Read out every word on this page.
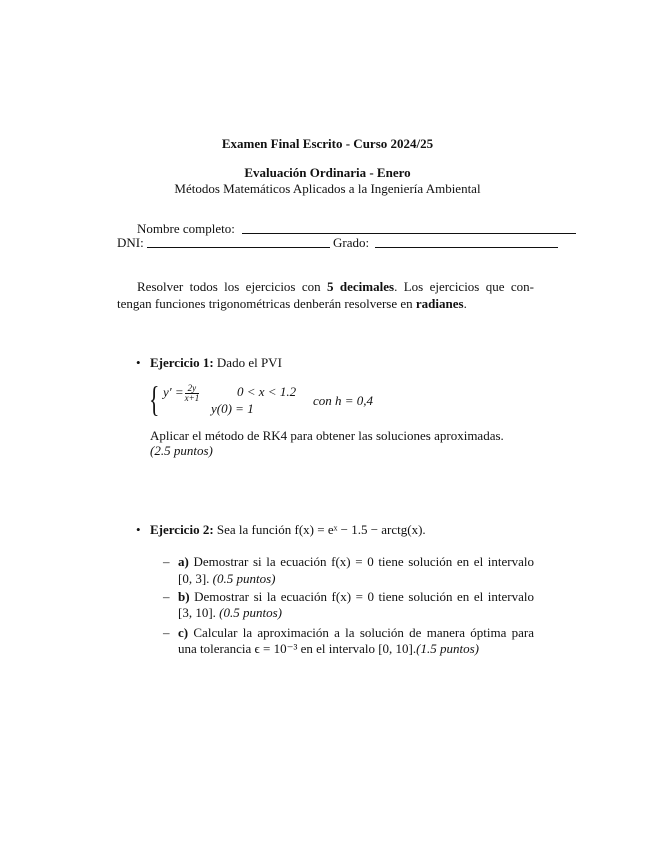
Examen Final Escrito - Curso 2024/25
Evaluación Ordinaria - Enero
Métodos Matemáticos Aplicados a la Ingeniería Ambiental
Nombre completo:
DNI:	Grado:
Resolver todos los ejercicios con 5 decimales. Los ejercicios que con-
tengan funciones trigonométricas denberán resolverse en radianes.
• Ejercicio 1: Dado el PVI
{ $y' = \frac{2y}{x+1}$	0 < x < 1.2
y(0) = 1
con h = 0,4
Aplicar el método de RK4 para obtener las soluciones aproximadas.
(2.5 puntos)
• Ejercicio 2: Sea la función f(x) = eˣ − 1.5 − arctg(x).
– a) Demostrar si la ecuación f(x) = 0 tiene solución en el intervalo
[0, 3]. (0.5 puntos)
– b) Demostrar si la ecuación f(x) = 0 tiene solución en el intervalo
[3, 10]. (0.5 puntos)
– c) Calcular la aproximación a la solución de manera óptima para
una tolerancia ϵ = 10⁻³ en el intervalo [0, 10].(1.5 puntos)
